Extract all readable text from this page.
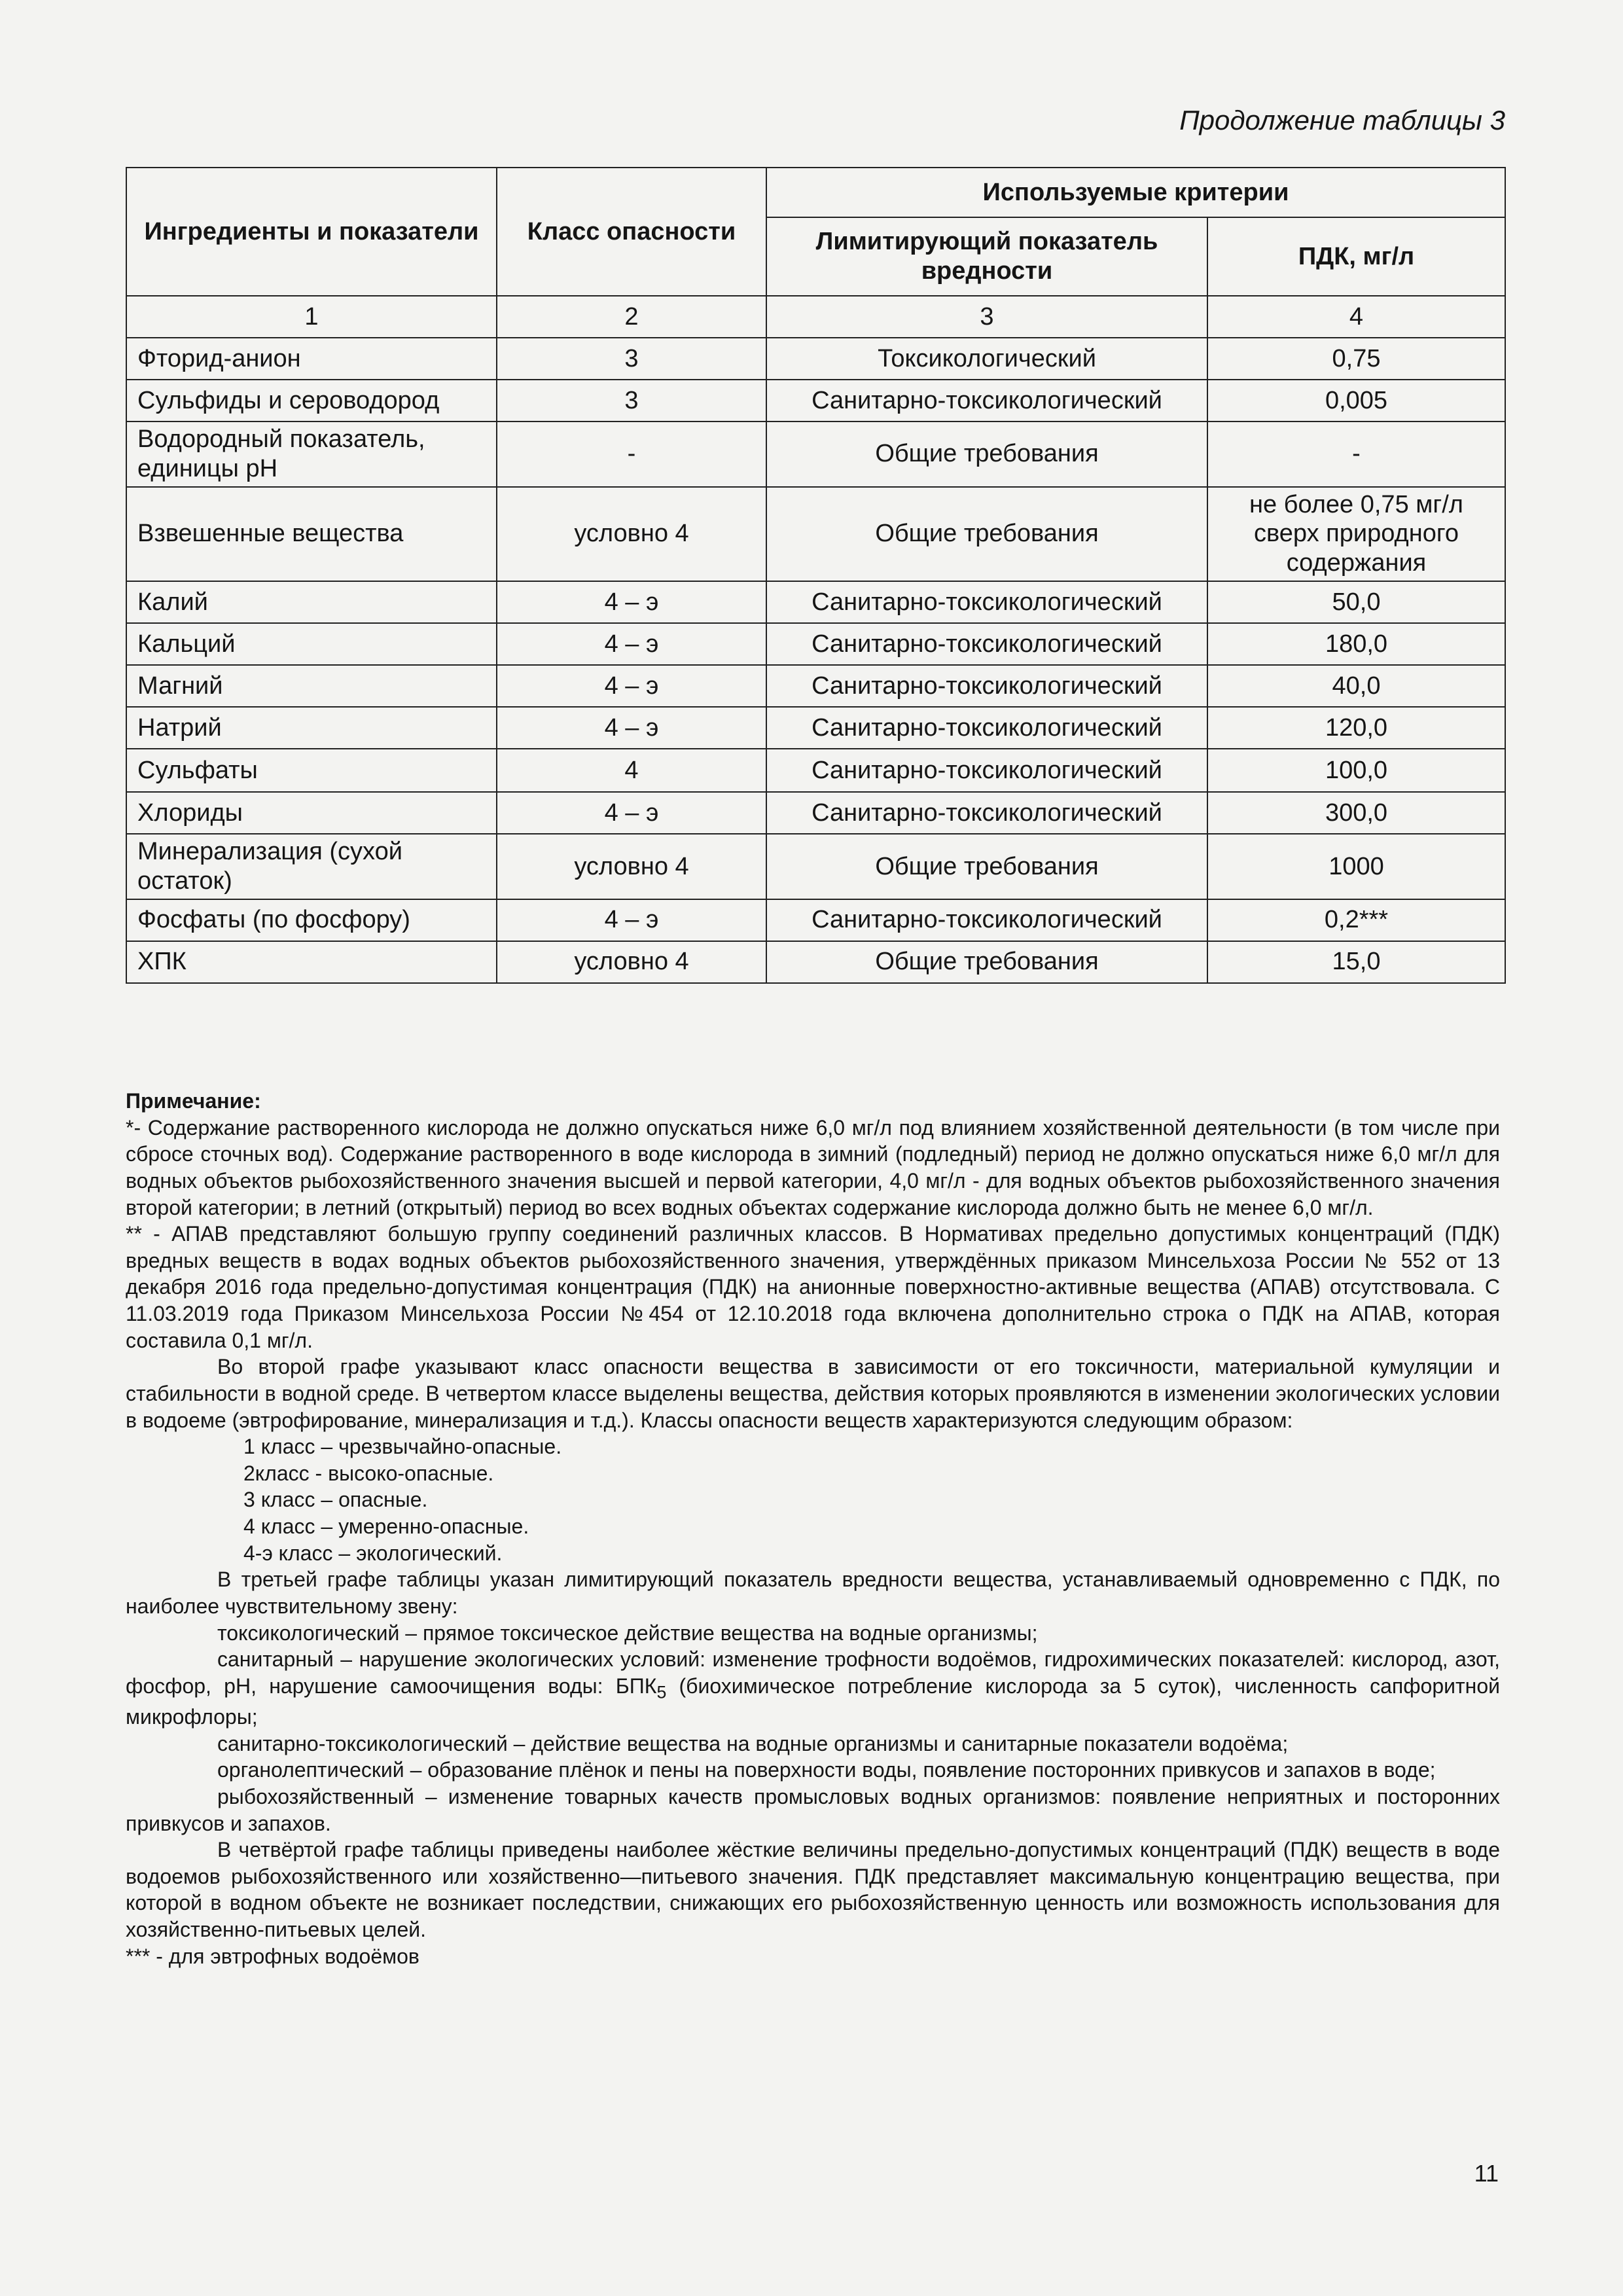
Продолжение таблицы 3
Ингредиенты и показатели	Класс опасности	Используемые критерии	
		Лимитирующий показатель вредности	ПДК, мг/л
1	2	3	4
Фторид-анион	3	Токсикологический	0,75
Сульфиды и сероводород	3	Санитарно-токсикологический	0,005
Водородный показатель, единицы рН	-	Общие требования	-
Взвешенные вещества	условно 4	Общие требования	не более 0,75 мг/л сверх природного содержания
Калий	4 – э	Санитарно-токсикологический	50,0
Кальций	4 – э	Санитарно-токсикологический	180,0
Магний	4 – э	Санитарно-токсикологический	40,0
Натрий	4 – э	Санитарно-токсикологический	120,0
Сульфаты	4	Санитарно-токсикологический	100,0
Хлориды	4 – э	Санитарно-токсикологический	300,0
Минерализация (сухой остаток)	условно 4	Общие требования	1000
Фосфаты (по фосфору)	4 – э	Санитарно-токсикологический	0,2***
ХПК	условно 4	Общие требования	15,0

Примечание:

*- Содержание растворенного кислорода не должно опускаться ниже 6,0 мг/л под влиянием хозяйственной деятельности (в том числе при сбросе сточных вод). Содержание растворенного в воде кислорода в зимний (подледный) период не должно опускаться ниже 6,0 мг/л для водных объектов рыбохозяйственного значения высшей и первой категории, 4,0 мг/л - для водных объектов рыбохозяйственного значения второй категории; в летний (открытый) период во всех водных объектах содержание кислорода должно быть не менее 6,0 мг/л.

** - АПАВ представляют большую группу соединений различных классов. В Нормативах предельно допустимых концентраций (ПДК) вредных веществ в водах водных объектов рыбохозяйственного значения, утверждённых приказом Минсельхоза России № 552 от 13 декабря 2016 года предельно-допустимая концентрация (ПДК) на анионные поверхностно-активные вещества (АПАВ) отсутствовала. С 11.03.2019 года Приказом Минсельхоза России №454 от 12.10.2018 года включена дополнительно строка о ПДК на АПАВ, которая составила 0,1 мг/л.

Во второй графе указывают класс опасности вещества в зависимости от его токсичности, материальной кумуляции и стабильности в водной среде. В четвертом классе выделены вещества, действия которых проявляются в изменении экологических условии в водоеме (эвтрофирование, минерализация и т.д.). Классы опасности веществ характеризуются следующим образом:

1 класс – чрезвычайно-опасные.

2класс - высоко-опасные.

3 класс – опасные.

4 класс – умеренно-опасные.

4-э класс – экологический.

В третьей графе таблицы указан лимитирующий показатель вредности вещества, устанавливаемый одновременно с ПДК, по наиболее чувствительному звену:

токсикологический – прямое токсическое действие вещества на водные организмы;

санитарный – нарушение экологических условий: изменение трофности водоёмов, гидрохимических показателей: кислород, азот, фосфор, рН, нарушение самоочищения воды: $БПК_5$ (биохимическое потребление кислорода за 5 суток), численность сапфоритной микрофлоры;

санитарно-токсикологический – действие вещества на водные организмы и санитарные показатели водоёма;

органолептический – образование плёнок и пены на поверхности воды, появление посторонних привкусов и запахов в воде;

рыбохозяйственный – изменение товарных качеств промысловых водных организмов: появление неприятных и посторонних привкусов и запахов.

В четвёртой графе таблицы приведены наиболее жёсткие величины предельно-допустимых концентраций (ПДК) веществ в воде водоемов рыбохозяйственного или хозяйственно—питьевого значения. ПДК представляет максимальную концентрацию вещества, при которой в водном объекте не возникает последствии, снижающих его рыбохозяйственную ценность или возможность использования для хозяйственно-питьевых целей.

*** - для эвтрофных водоёмов

11
